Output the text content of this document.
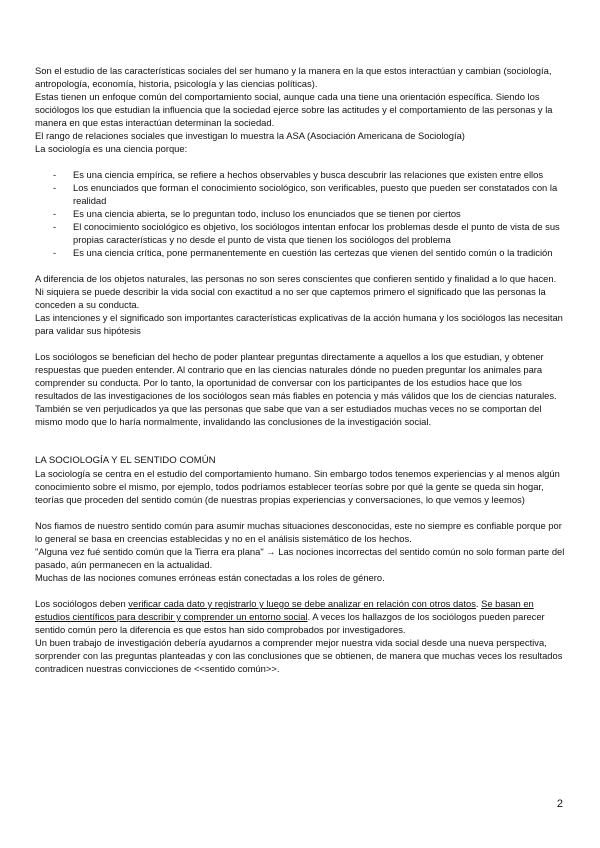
Son el estudio de las características sociales del ser humano y la manera en la que estos interactúan y cambian (sociología, antropología, economía, historia, psicología y las ciencias políticas).

Estas tienen un enfoque común del comportamiento social, aunque cada una tiene una orientación específica. Siendo los sociólogos los que estudian la influencia que la sociedad ejerce sobre las actitudes y el comportamiento de las personas y la manera en que estas interactúan determinan la sociedad.

El rango de relaciones sociales que investigan lo muestra la ASA (Asociación Americana de Sociología)

La sociología es una ciencia porque:

- Es una ciencia empírica, se refiere a hechos observables y busca descubrir las relaciones que existen entre ellos
- Los enunciados que forman el conocimiento sociológico, son verificables, puesto que pueden ser constatados con la realidad
- Es una ciencia abierta, se lo preguntan todo, incluso los enunciados que se tienen por ciertos
- El conocimiento sociológico es objetivo, los sociólogos intentan enfocar los problemas desde el punto de vista de sus propias características y no desde el punto de vista que tienen los sociólogos del problema
- Es una ciencia crítica, pone permanentemente en cuestión las certezas que vienen del sentido común o la tradición

A diferencia de los objetos naturales, las personas no son seres conscientes que confieren sentido y finalidad a lo que hacen. Ni siquiera se puede describir la vida social con exactitud a no ser que captemos primero el significado que las personas la conceden a su conducta.

Las intenciones y el significado son importantes características explicativas de la acción humana y los sociólogos las necesitan para validar sus hipótesis

Los sociólogos se benefician del hecho de poder plantear preguntas directamente a aquellos a los que estudian, y obtener respuestas que pueden entender. Al contrario que en las ciencias naturales dónde no pueden preguntar los animales para comprender su conducta. Por lo tanto, la oportunidad de conversar con los participantes de los estudios hace que los resultados de las investigaciones de los sociólogos sean más fiables en potencia y más válidos que los de ciencias naturales.

También se ven perjudicados ya que las personas que sabe que van a ser estudiados muchas veces no se comportan del mismo modo que lo haría normalmente, invalidando las conclusiones de la investigación social.

LA SOCIOLOGÍA Y EL SENTIDO COMÚN

La sociología se centra en el estudio del comportamiento humano. Sin embargo todos tenemos experiencias y al menos algún conocimiento sobre el mismo, por ejemplo, todos podríamos establecer teorías sobre por qué la gente se queda sin hogar, teorías que proceden del sentido común (de nuestras propias experiencias y conversaciones, lo que vemos y leemos)

Nos fiamos de nuestro sentido común para asumir muchas situaciones desconocidas, este no siempre es confiable porque por lo general se basa en creencias establecidas y no en el análisis sistemático de los hechos.

"Alguna vez fué sentido común que la Tierra era plana" → Las nociones incorrectas del sentido común no solo forman parte del pasado, aún permanecen en la actualidad.

Muchas de las nociones comunes erróneas están conectadas a los roles de género.

Los sociólogos deben verificar cada dato y registrarlo y luego se debe analizar en relación con otros datos. Se basan en estudios científicos para describir y comprender un entorno social. A veces los hallazgos de los sociólogos pueden parecer sentido común pero la diferencia es que estos han sido comprobados por investigadores.

Un buen trabajo de investigación debería ayudarnos a comprender mejor nuestra vida social desde una nueva perspectiva, sorprender con las preguntas planteadas y con las conclusiones que se obtienen, de manera que muchas veces los resultados contradicen nuestras convicciones de <<sentido común>>.

2
